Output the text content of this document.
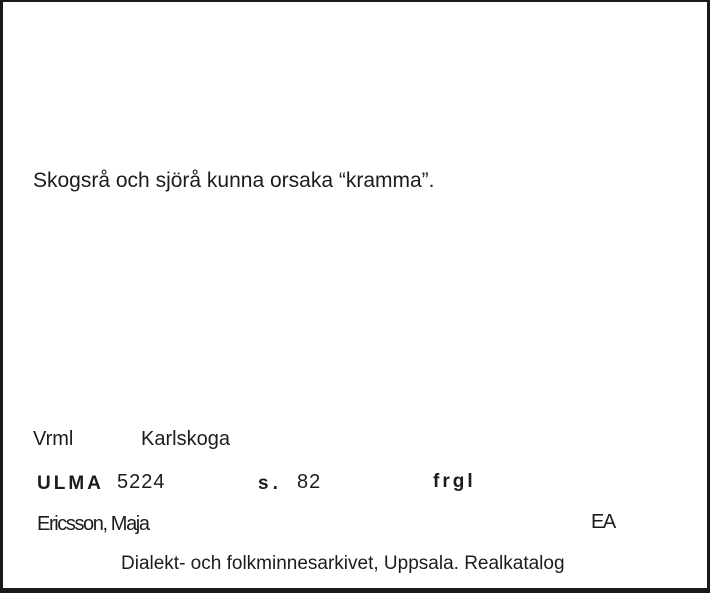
Skogsrå och sjörå kunna orsaka “kramma”.
Vrml	Karlskoga
ULMA 5224	s. 82	frgl
Ericsson, Maja	EA
Dialekt- och folkminnesarkivet, Uppsala. Realkatalog
